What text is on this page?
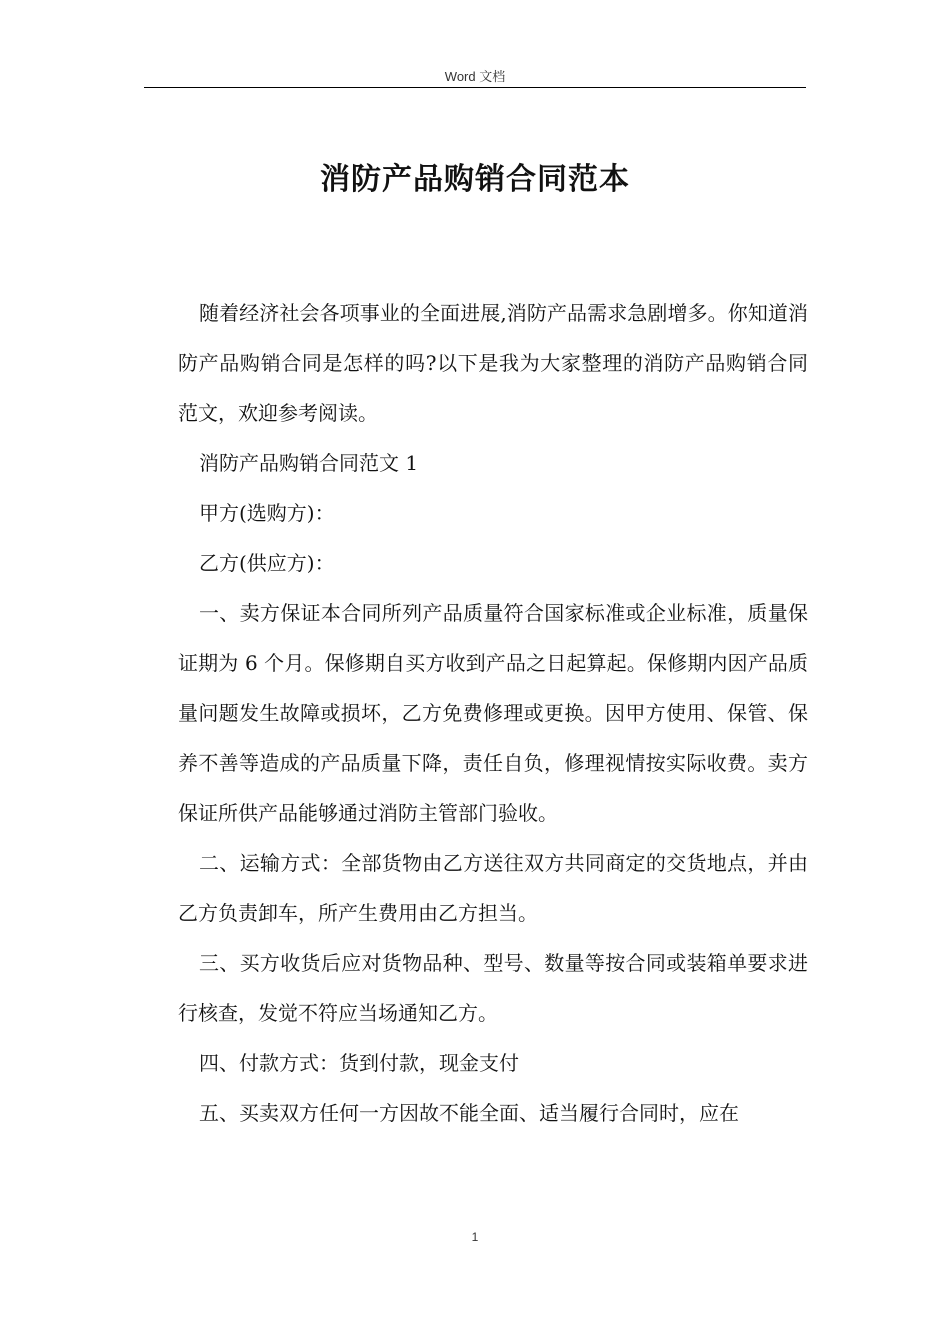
Word 文档
消防产品购销合同范本

随着经济社会各项事业的全面进展,消防产品需求急剧增多。你知道消防产品购销合同是怎样的吗?以下是我为大家整理的消防产品购销合同范文，欢迎参考阅读。

消防产品购销合同范文 1

甲方(选购方)：

乙方(供应方)：

一、卖方保证本合同所列产品质量符合国家标准或企业标准，质量保证期为 6 个月。保修期自买方收到产品之日起算起。保修期内因产品质量问题发生故障或损坏，乙方免费修理或更换。因甲方使用、保管、保养不善等造成的产品质量下降，责任自负，修理视情按实际收费。卖方保证所供产品能够通过消防主管部门验收。

二、运输方式：全部货物由乙方送往双方共同商定的交货地点，并由乙方负责卸车，所产生费用由乙方担当。

三、买方收货后应对货物品种、型号、数量等按合同或装箱单要求进行核查，发觉不符应当场通知乙方。

四、付款方式：货到付款，现金支付

五、买卖双方任何一方因故不能全面、适当履行合同时，应在

1
